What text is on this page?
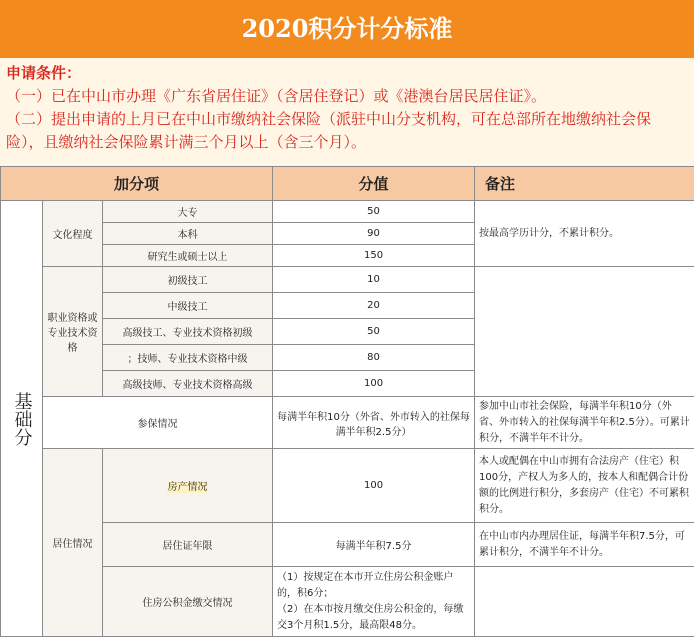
2020积分计分标准
申请条件：
（一）已在中山市办理《广东省居住证》（含居住登记）或《港澳台居民居住证》。
（二）提出申请的上月已在中山市缴纳社会保险（派驻中山分支机构，可在总部所在地缴纳社会保险），且缴纳社会保险累计满三个月以上（含三个月）。
加分项			分值	备注

基础分	文化程度	大专	50	按最高学历计分，不累计积分。
		本科	90	
		研究生或硕士以上	150	
	职业资格或专业技术资格	初级技工	10	
		中级技工	20	
		高级技工、专业技术资格初级	50	
		；技师、专业技术资格中级	80	
		高级技师、专业技术资格高级	100	
	参保情况		每满半年积10分（外省、外市转入的社保每满半年积2.5分）	参加中山市社会保险，每满半年积10分（外省、外市转入的社保每满半年积2.5分）。可累计积分，不满半年不计分。
	居住情况	房产情况	100	本人或配偶在中山市拥有合法房产（住宅）积100分，产权人为多人的，按本人和配偶合计份额的比例进行积分，多套房产（住宅）不可累积积分。
		居住证年限	每满半年积7.5分	在中山市内办理居住证，每满半年积7.5分，可累计积分，不满半年不计分。
		住房公积金缴交情况	（1）按规定在本市开立住房公积金账户的，积6分；
（2）在本市按月缴交住房公积金的，每缴交3个月积1.5分，最高限48分。	
